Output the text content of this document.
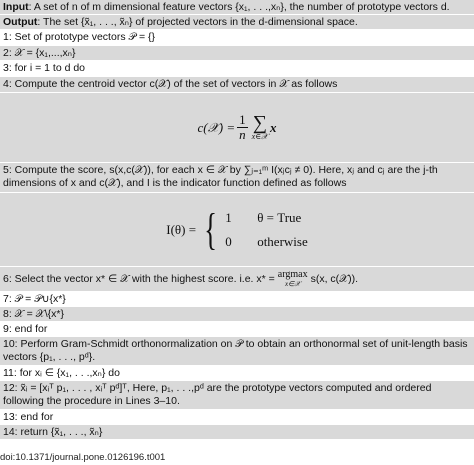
Input: A set of n of m dimensional feature vectors {x₁, . . .,xₙ}, the number of prototype vectors d.
Output: The set {x̃₁, . . ., x̃ₙ} of projected vectors in the d-dimensional space.
1: Set of prototype vectors 𝒫 = {}
2: 𝒳 = {x₁,...,xₙ}
3: for i = 1 to d do
4: Compute the centroid vector c(𝒳) of the set of vectors in 𝒳 as follows
c(𝒳) = $\frac{1}{n}$ ∑
x∈𝒳
x
5: Compute the score, s(x,c(𝒳)), for each x ∈ 𝒳 by ∑ⱼ₌₁ᵐ I(xⱼcⱼ ≠ 0). Here, xⱼ and cⱼ are the j-th dimensions of x and c(𝒳), and I is the indicator function defined as follows
I(θ) = { 1 θ = True
0 otherwise
6: Select the vector x* ∈ 𝒳 with the highest score. i.e. x* = argmax
x∈𝒳 s(x, c(𝒳)).
7: 𝒫 = 𝒫∪{x*}
8: 𝒳 = 𝒳\{x*}
9: end for
10: Perform Gram-Schmidt orthonormalization on 𝒫 to obtain an orthonormal set of unit-length basis vectors {p₁, . . ., pᵈ}.
11: for xᵢ ∈ {x₁, . . .,xₙ} do
12: x̃ᵢ = [xᵢᵀ p₁, . . . , xᵢᵀ pᵈ]ᵀ, Here, p₁, . . .,pᵈ are the prototype vectors computed and ordered following the procedure in Lines 3–10.
13: end for
14: return {x̃₁, . . ., x̃ₙ}
doi:10.1371/journal.pone.0126196.t001
